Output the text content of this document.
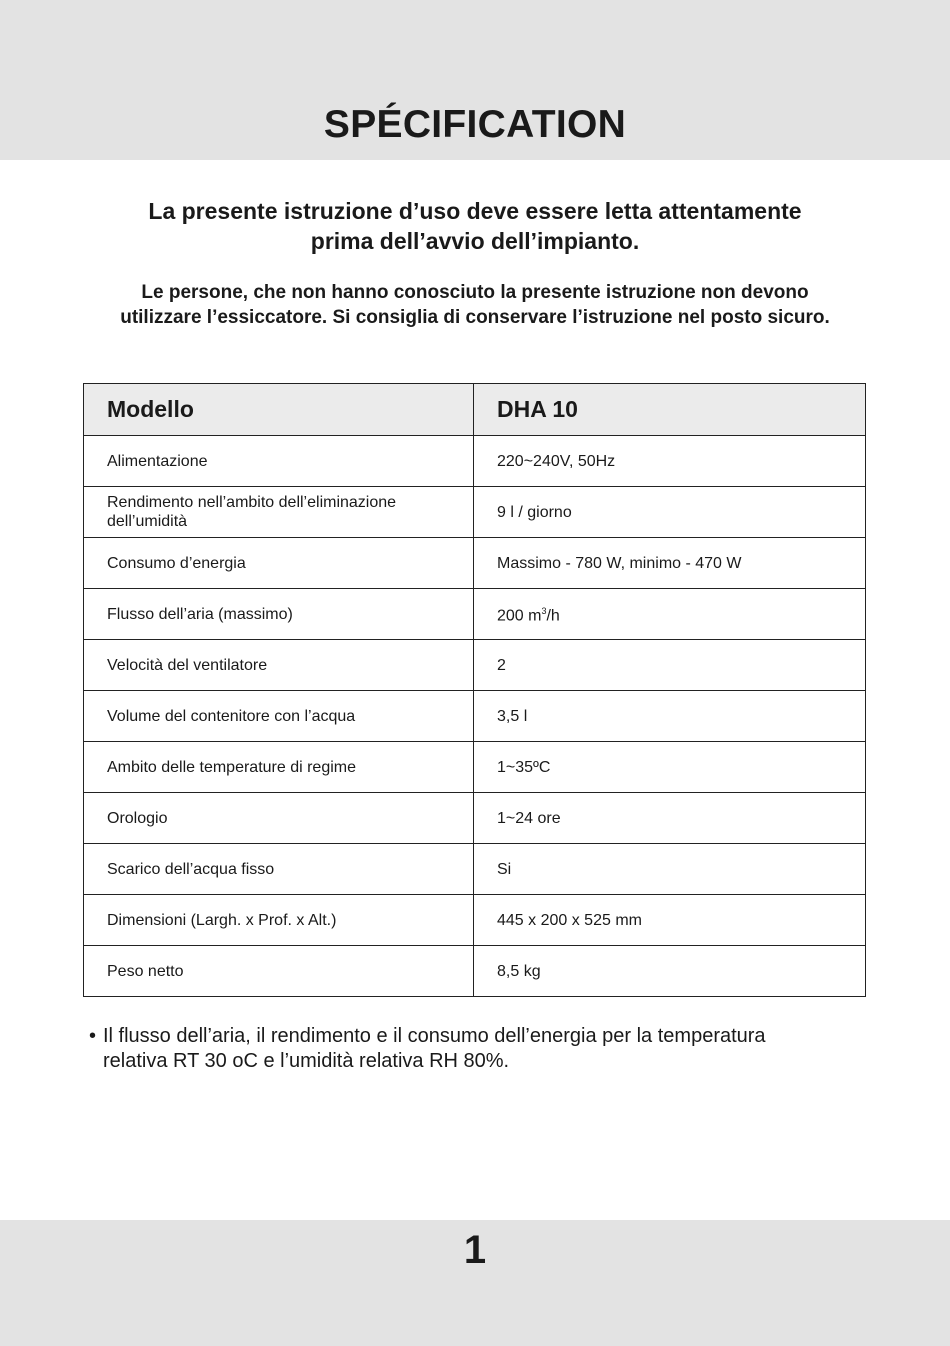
SPÉCIFICATION
La presente istruzione d’uso deve essere letta attentamente
prima dell’avvio dell’impianto.
Le persone, che non hanno conosciuto la presente istruzione non devono
utilizzare l’essiccatore. Si consiglia di conservare l’istruzione nel posto sicuro.
Modello	DHA 10
Alimentazione	220~240V, 50Hz
Rendimento nell’ambito dell’eliminazione dell’umidità	9 l / giorno
Consumo d’energia	Massimo - 780 W, minimo - 470 W
Flusso dell’aria (massimo)	200 $m^3/h$
Velocità del ventilatore	2
Volume del contenitore con l’acqua	3,5 l
Ambito delle temperature di regime	1~35ºC
Orologio	1~24 ore
Scarico dell’acqua fisso	Si
Dimensioni (Largh. x Prof. x Alt.)	445 x 200 x 525 mm
Peso netto	8,5 kg
• Il flusso dell’aria, il rendimento e il consumo dell’energia per la temperatura
relativa RT 30 oC e l’umidità relativa RH 80%.
1
